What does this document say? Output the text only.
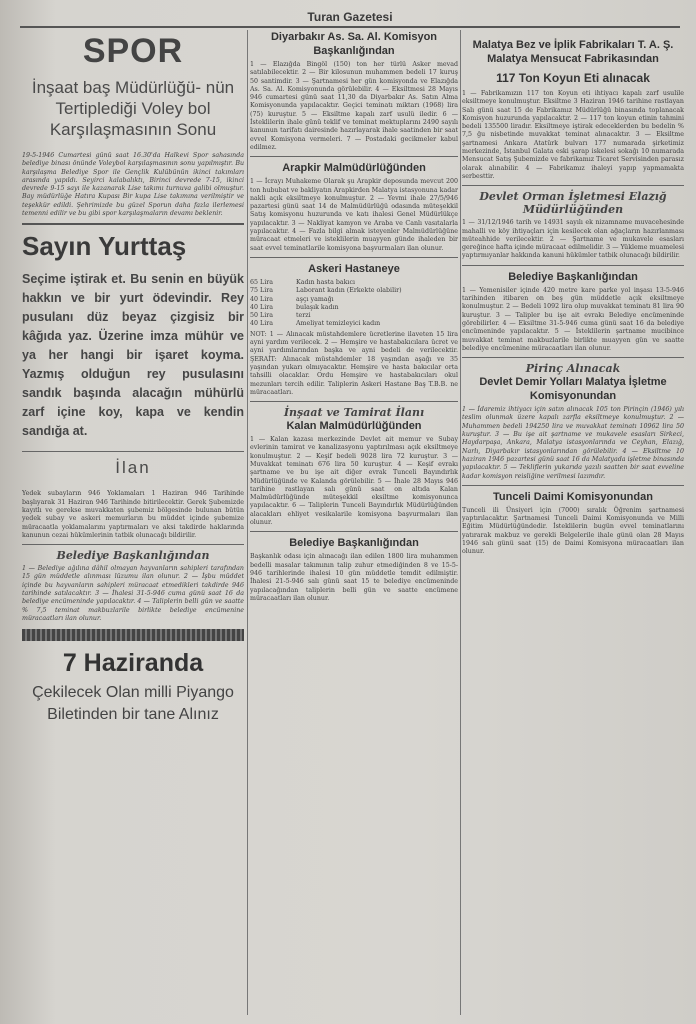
Turan Gazetesi
SPOR
İnşaat baş Müdürlüğü- nün Tertiplediği Voley bol Karşılaşmasının Sonu
19-5-1946 Cumartesi günü saat 16.30'da Halkevi Spor sahasında belediye binası önünde Voleybol karşılaşmasının sonu yapılmıştır. Bu karşılaşma Belediye Spor ile Gençlik Kulübünün ikinci takımları arasında yapıldı. Seyirci kalabalıktı, Birinci devrede 7-15, ikinci devrede 9-15 sayı ile kazanarak Lise takımı turnuva galibi olmuştur. Bay müdürlüğe Hatıra Kupası Bir kupa Lise takımına verilmiştir ve teşekkür edildi. Şehrimizde bu güzel Sporun daha fazla ilerlemesi temenni edilir ve bu gibi spor karşılaşmaların devamı beklenir.
Sayın Yurttaş
Seçime iştirak et. Bu senin en büyük hakkın ve bir yurt ödevindir. Rey pusulanı düz beyaz çizgisiz bir kâğıda yaz. Üzerine imza mühür ve ya her hangi bir işaret koyma. Yazmış olduğun rey pusulasını sandık başında alacağın mühürlü zarf içine koy, kapa ve kendin sandığa at.
İlan
Yedek subayların 946 Yoklamaları 1 Haziran 946 Tarihinde başlıyarak 31 Haziran 946 Tarihinde bitirilecektir. Gerek Şubemizde kayıtlı ve gerekse muvakkaten şubemiz bölgesinde bulunan bütün yedek subay ve askeri memurların bu müddet içinde şubemize müracaatla yoklamalarını yaptırmaları ve aksi takdirde haklarında kanunun cezai hükümlerinin tatbik olunacağı bildirilir.
Belediye Başkanlığından
1 — Belediye ağılına dâhil olmayan hayvanların sahipleri tarafından 15 gün müddetle alınması lüzumu ilan olunur. 2 — İşbu müddet içinde bu hayvanların sahipleri müracaat etmedikleri takdirde 946 tarihinde satılacaktır. 3 — İhalesi 31-5-946 cuma günü saat 16 da belediye encümeninde yapılacaktır. 4 — Taliplerin belli gün ve saatte % 7,5 teminat makbuzlarile birlikte belediye encümenine müracaatları ilan olunur.
7 Haziranda
Çekilecek Olan milli Piyango Biletinden bir tane Alınız
Diyarbakır As. Sa. Al. Komisyon Başkanlığından
1 — Elazığda Bingöl (150) ton her türlü Asker mevad satılabilecektir. 2 — Bir kilosunun muhammen bedeli 17 kuruş 50 santimdir. 3 — Şartnamesi her gün komisyonda ve Elazığda As. Sa. Al. Komisyonunda görülebilir. 4 — Eksiltmesi 28 Mayıs 946 cumartesi günü saat 11,30 da Diyarbakır As. Satın Alma Komisyonunda yapılacaktır. Geçici teminatı miktarı (1968) lira (75) kuruştur. 5 — Eksiltme kapalı zarf usulü iledir. 6 — İsteklilerin ihale günü teklif ve teminat mektuplarını 2490 sayılı kanunun tarifatı dairesinde hazırlayarak ihale saatinden bir saat evvel Komisyona vermeleri. 7 — Postadaki gecikmeler kabul edilmez.
Arapkir Malmüdürlüğünden
1 — İcrayı Muhakeme Olarak şu Arapkir deposunda mevcut 200 ton hububat ve bakliyatın Arapkirden Malatya istasyonuna kadar nakli açık eksiltmeye konulmuştur. 2 — Yevmi ihale 27/5/946 pazartesi günü saat 14 de Malmüdürlüğü odasında müteşekkil Satış komisyonu huzurunda ve katı ihalesi Genel Müdürlükçe yapılacaktır. 3 — Nakliyat kamyon ve Araba ve Canlı vasıtalarla yapılacaktır. 4 — Fazla bilgi almak isteyenler Malmüdürlüğüne müracaat etmeleri ve isteklilerin muayyen günde ihaleden bir saat evvel teminatlarile komisyona başvurmaları ilan olunur.
Askeri Hastaneye
65 Lira	Kadın hasta bakıcı
75 Lira	Laborant kadın (Erkekte olabilir)
40 Lira	aşçı yamağı
40 Lira	bulaşık kadın
50 Lira	terzi
40 Lira	Ameliyat temizleyici kadın
NOT: 1 — Alınacak müstahdemlere ücretlerine ilaveten 15 lira ayni yardım verilecek. 2 — Hemşire ve hastabakıcılara ücret ve ayni yardımlarından başka ve ayni bedeli de verilecektir. ŞERAİT: Alınacak müstahdemler 18 yaşından aşağı ve 35 yaşından yukarı olmıyacaktır. Hemşire ve hasta bakıcılar orta tahsilli olacaklar. Ordu Hemşire ve hastabakıcıları okul mezunları tercih edilir. Taliplerin Askeri Hastane Baş T.B.B. ne müracaatları.
İnşaat ve Tamirat İlanı
Kalan Malmüdürlüğünden
1 — Kalan kazası merkezinde Devlet ait memur ve Subay evlerinin tamirat ve kanalizasyonu yaptırılması açık eksiltmeye konulmuştur. 2 — Keşif bedeli 9028 lira 72 kuruştur. 3 — Muvakkat teminatı 676 lira 50 kuruştur. 4 — Keşif evrakı şartname ve bu işe ait diğer evrak Tunceli Bayındırlık Müdürlüğünde ve Kalanda görülebilir. 5 — İhale 28 Mayıs 946 tarihine rastlayan salı günü saat on altıda Kalan Malmüdürlüğünde müteşekkil eksiltme komisyonunca yapılacaktır. 6 — Taliplerin Tunceli Bayındırlık Müdürlüğünden alacakları ehliyet vesikalarile komisyona başvurmaları ilan olunur.
Belediye Başkanlığından
Başkanlık odası için alınacağı ilan edilen 1800 lira muhammen bedelli masalar takımının talip zuhur etmediğinden 8 ve 15-5-946 tarihlerinde ihalesi 10 gün müddetle temdit edilmiştir. İhalesi 21-5-946 salı günü saat 15 te belediye encümeninde yapılacağından taliplerin belli gün ve saatte encümene müracaatları ilan olunur.
Malatya Bez ve İplik Fabrikaları T. A. Ş. Malatya Mensucat Fabrikasından
117 Ton Koyun Eti alınacak
1 — Fabrikamızın 117 ton Koyun eti ihtiyacı kapalı zarf usulile eksiltmeye konulmuştur. Eksiltme 3 Haziran 1946 tarihine rastlayan Salı günü saat 15 de Fabrikamız Müdürlüğü binasında toplanacak Komisyon huzurunda yapılacaktır. 2 — 117 ton koyun etinin tahmini bedeli 135500 liradır. Eksiltmeye iştirak edeceklerden bu bedelin % 7,5 ğu nisbetinde muvakkat teminat alınacaktır. 3 — Eksiltme şartnamesi Ankara Atatürk bulvarı 177 numarada şirketimiz merkezinde, İstanbul Galata eski şarap iskelesi sokağı 10 numarada Mensucat Satış Şubemizde ve fabrikamız Ticaret Servisinden parasız olarak alınabilir. 4 — Fabrikamız ihaleyi yapıp yapmamakta serbesttir.
Devlet Orman İşletmesi Elazığ Müdürlüğünden
1 — 31/12/1946 tarih ve 14931 sayılı ek nizamname muvacehesinde mahalli ve köy ihtiyaçları için kesilecek olan ağaçların hazırlanması müteahhide verilecektir. 2 — Şartname ve mukavele esasları gereğince hafta içinde müracaat edilmelidir. 3 — Yükleme muamelesi yaptırmıyanlar hakkında kanuni hükümler tatbik olunacağı bildirilir.
Belediye Başkanlığından
1 — Yemenisiler içinde 420 metre kare parke yol inşası 13-5-946 tarihinden itibaren on beş gün müddetle açık eksiltmeye konulmuştur. 2 — Bedeli 1092 lira olup muvakkat teminatı 81 lira 90 kuruştur. 3 — Talipler bu işe ait evrakı Belediye encümeninde görebilirler. 4 — Eksiltme 31-5-946 cuma günü saat 16 da belediye encümeninde yapılacaktır. 5 — İsteklilerin şartname mucibince muvakkat teminat makbuzlarile birlikte muayyen gün ve saatte belediye encümenine müracaatları ilan olunur.
Pirinç Alınacak
Devlet Demir Yolları Malatya İşletme Komisyonundan
1 — İdaremiz ihtiyacı için satın alınacak 105 ton Pirinçin (1946) yılı teslim olunmak üzere kapalı zarfla eksiltmeye konulmuştur. 2 — Muhammen bedeli 194250 lira ve muvakkat teminatı 10962 lira 50 kuruştur. 3 — Bu işe ait şartname ve mukavele esasları Sirkeci, Haydarpaşa, Ankara, Malatya istasyonlarında ve Ceyhan, Elazığ, Narlı, Diyarbakır istasyonlarından görülebilir. 4 — Eksiltme 10 haziran 1946 pazartesi günü saat 16 da Malatyada işletme binasında yapılacaktır. 5 — Tekliflerin yukarıda yazılı saatten bir saat evveline kadar komisyon reisliğine verilmesi lazımdır.
Tunceli Daimi Komisyonundan
Tunceli ili Ünsiyeri için (7000) sıralık Öğrenim şartnamesi yaptırılacaktır. Şartnamesi Tunceli Daimi Komisyonunda ve Milli Eğitim Müdürlüğündedir. İsteklilerin bugün evvel teminatlarını yatırarak makbuz ve gerekli Belgelerile ihale günü olan 28 Mayıs 1946 salı günü saat (15) de Daimi Komisyona müracaatları ilan olunur.
